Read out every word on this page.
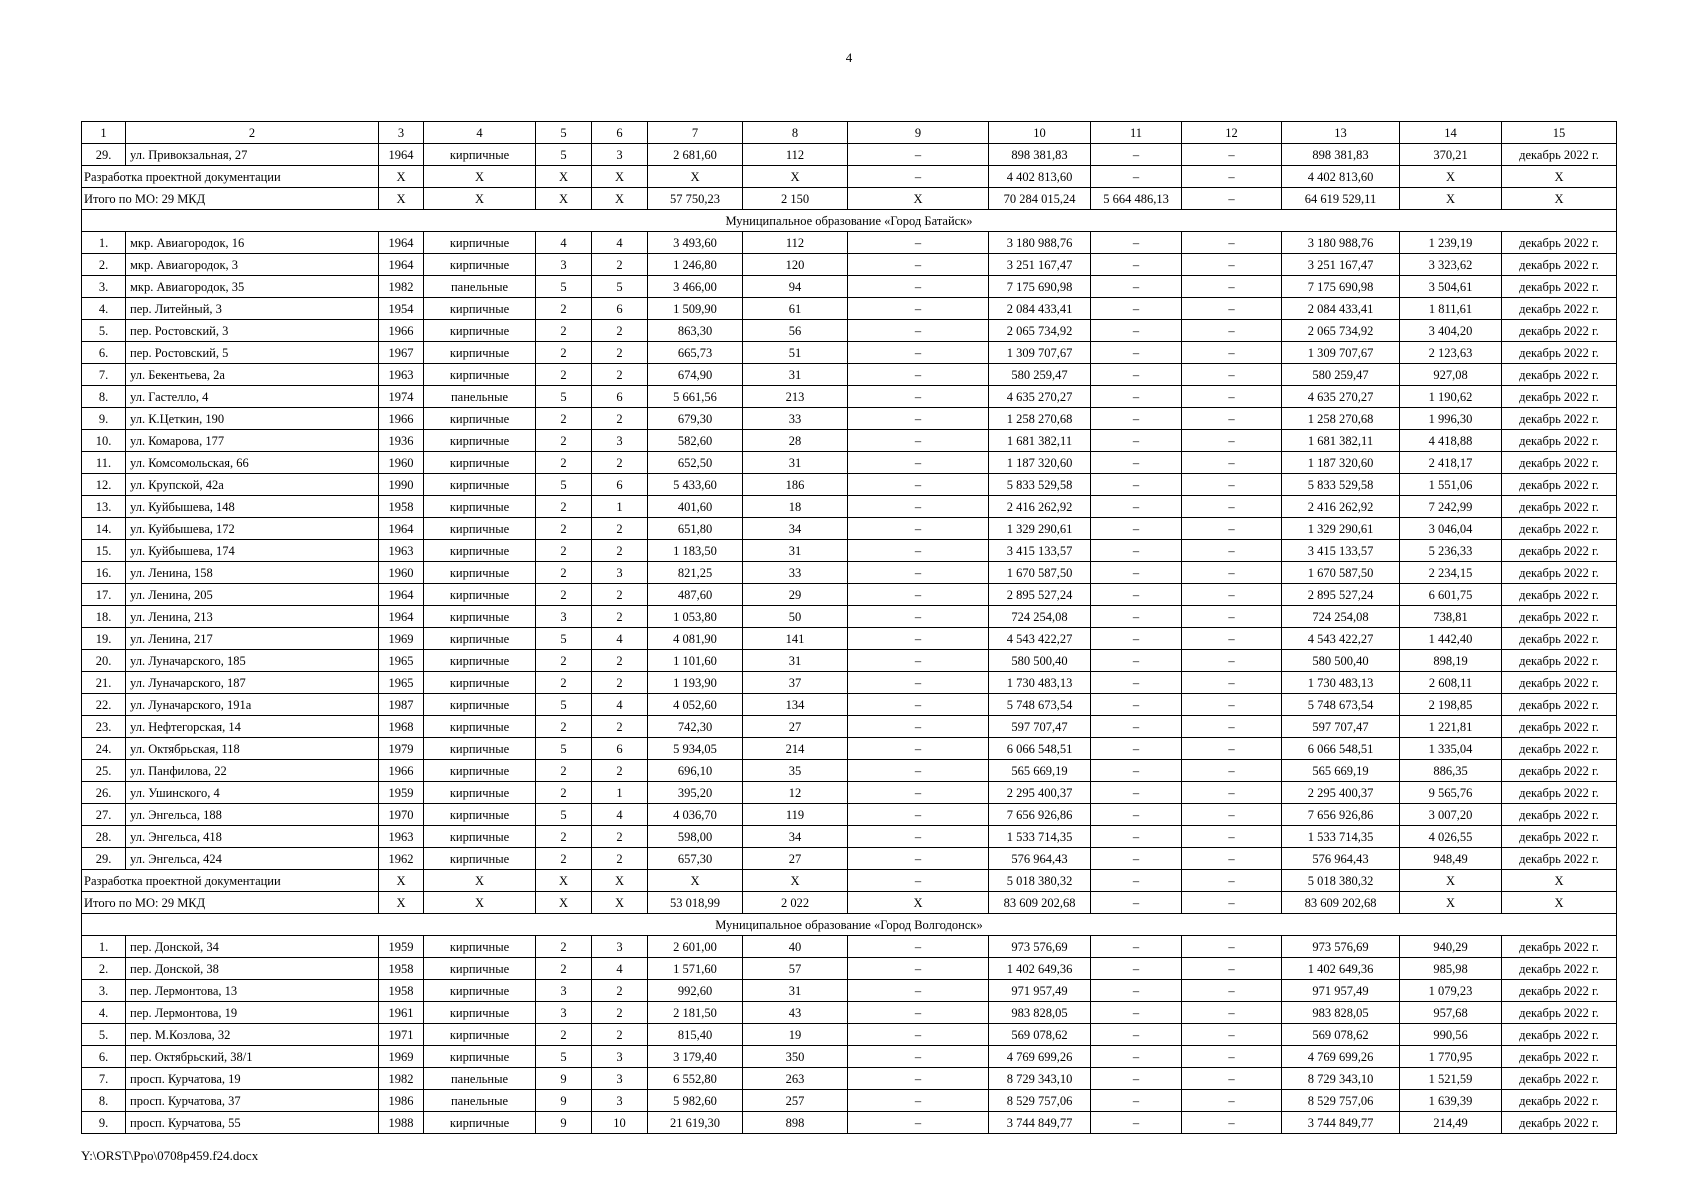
4
1	2	3	4	5	6	7	8	9	10	11	12	13	14	15
29.	ул. Привокзальная, 27	1964	кирпичные	5	3	2 681,60	112	–	898 381,83	–	–	898 381,83	370,21	декабрь 2022 г.
Разработка проектной документации		X	X	X	X	X	X	–	4 402 813,60	–	–	4 402 813,60	X	X
Итого по МО: 29 МКД		X	X	X	X	57 750,23	2 150	X	70 284 015,24	5 664 486,13	–	64 619 529,11	X	X
Муниципальное образование «Город Батайск»														
1.	мкр. Авиагородок, 16	1964	кирпичные	4	4	3 493,60	112	–	3 180 988,76	–	–	3 180 988,76	1 239,19	декабрь 2022 г.
2.	мкр. Авиагородок, 3	1964	кирпичные	3	2	1 246,80	120	–	3 251 167,47	–	–	3 251 167,47	3 323,62	декабрь 2022 г.
3.	мкр. Авиагородок, 35	1982	панельные	5	5	3 466,00	94	–	7 175 690,98	–	–	7 175 690,98	3 504,61	декабрь 2022 г.
4.	пер. Литейный, 3	1954	кирпичные	2	6	1 509,90	61	–	2 084 433,41	–	–	2 084 433,41	1 811,61	декабрь 2022 г.
5.	пер. Ростовский, 3	1966	кирпичные	2	2	863,30	56	–	2 065 734,92	–	–	2 065 734,92	3 404,20	декабрь 2022 г.
6.	пер. Ростовский, 5	1967	кирпичные	2	2	665,73	51	–	1 309 707,67	–	–	1 309 707,67	2 123,63	декабрь 2022 г.
7.	ул. Бекентьева, 2а	1963	кирпичные	2	2	674,90	31	–	580 259,47	–	–	580 259,47	927,08	декабрь 2022 г.
8.	ул. Гастелло, 4	1974	панельные	5	6	5 661,56	213	–	4 635 270,27	–	–	4 635 270,27	1 190,62	декабрь 2022 г.
9.	ул. К.Цеткин, 190	1966	кирпичные	2	2	679,30	33	–	1 258 270,68	–	–	1 258 270,68	1 996,30	декабрь 2022 г.
10.	ул. Комарова, 177	1936	кирпичные	2	3	582,60	28	–	1 681 382,11	–	–	1 681 382,11	4 418,88	декабрь 2022 г.
11.	ул. Комсомольская, 66	1960	кирпичные	2	2	652,50	31	–	1 187 320,60	–	–	1 187 320,60	2 418,17	декабрь 2022 г.
12.	ул. Крупской, 42а	1990	кирпичные	5	6	5 433,60	186	–	5 833 529,58	–	–	5 833 529,58	1 551,06	декабрь 2022 г.
13.	ул. Куйбышева, 148	1958	кирпичные	2	1	401,60	18	–	2 416 262,92	–	–	2 416 262,92	7 242,99	декабрь 2022 г.
14.	ул. Куйбышева, 172	1964	кирпичные	2	2	651,80	34	–	1 329 290,61	–	–	1 329 290,61	3 046,04	декабрь 2022 г.
15.	ул. Куйбышева, 174	1963	кирпичные	2	2	1 183,50	31	–	3 415 133,57	–	–	3 415 133,57	5 236,33	декабрь 2022 г.
16.	ул. Ленина, 158	1960	кирпичные	2	3	821,25	33	–	1 670 587,50	–	–	1 670 587,50	2 234,15	декабрь 2022 г.
17.	ул. Ленина, 205	1964	кирпичные	2	2	487,60	29	–	2 895 527,24	–	–	2 895 527,24	6 601,75	декабрь 2022 г.
18.	ул. Ленина, 213	1964	кирпичные	3	2	1 053,80	50	–	724 254,08	–	–	724 254,08	738,81	декабрь 2022 г.
19.	ул. Ленина, 217	1969	кирпичные	5	4	4 081,90	141	–	4 543 422,27	–	–	4 543 422,27	1 442,40	декабрь 2022 г.
20.	ул. Луначарского, 185	1965	кирпичные	2	2	1 101,60	31	–	580 500,40	–	–	580 500,40	898,19	декабрь 2022 г.
21.	ул. Луначарского, 187	1965	кирпичные	2	2	1 193,90	37	–	1 730 483,13	–	–	1 730 483,13	2 608,11	декабрь 2022 г.
22.	ул. Луначарского, 191а	1987	кирпичные	5	4	4 052,60	134	–	5 748 673,54	–	–	5 748 673,54	2 198,85	декабрь 2022 г.
23.	ул. Нефтегорская, 14	1968	кирпичные	2	2	742,30	27	–	597 707,47	–	–	597 707,47	1 221,81	декабрь 2022 г.
24.	ул. Октябрьская, 118	1979	кирпичные	5	6	5 934,05	214	–	6 066 548,51	–	–	6 066 548,51	1 335,04	декабрь 2022 г.
25.	ул. Панфилова, 22	1966	кирпичные	2	2	696,10	35	–	565 669,19	–	–	565 669,19	886,35	декабрь 2022 г.
26.	ул. Ушинского, 4	1959	кирпичные	2	1	395,20	12	–	2 295 400,37	–	–	2 295 400,37	9 565,76	декабрь 2022 г.
27.	ул. Энгельса, 188	1970	кирпичные	5	4	4 036,70	119	–	7 656 926,86	–	–	7 656 926,86	3 007,20	декабрь 2022 г.
28.	ул. Энгельса, 418	1963	кирпичные	2	2	598,00	34	–	1 533 714,35	–	–	1 533 714,35	4 026,55	декабрь 2022 г.
29.	ул. Энгельса, 424	1962	кирпичные	2	2	657,30	27	–	576 964,43	–	–	576 964,43	948,49	декабрь 2022 г.
Разработка проектной документации		X	X	X	X	X	X	–	5 018 380,32	–	–	5 018 380,32	X	X
Итого по МО: 29 МКД		X	X	X	X	53 018,99	2 022	X	83 609 202,68	–	–	83 609 202,68	X	X
Муниципальное образование «Город Волгодонск»														
1.	пер. Донской, 34	1959	кирпичные	2	3	2 601,00	40	–	973 576,69	–	–	973 576,69	940,29	декабрь 2022 г.
2.	пер. Донской, 38	1958	кирпичные	2	4	1 571,60	57	–	1 402 649,36	–	–	1 402 649,36	985,98	декабрь 2022 г.
3.	пер. Лермонтова, 13	1958	кирпичные	3	2	992,60	31	–	971 957,49	–	–	971 957,49	1 079,23	декабрь 2022 г.
4.	пер. Лермонтова, 19	1961	кирпичные	3	2	2 181,50	43	–	983 828,05	–	–	983 828,05	957,68	декабрь 2022 г.
5.	пер. М.Козлова, 32	1971	кирпичные	2	2	815,40	19	–	569 078,62	–	–	569 078,62	990,56	декабрь 2022 г.
6.	пер. Октябрьский, 38/1	1969	кирпичные	5	3	3 179,40	350	–	4 769 699,26	–	–	4 769 699,26	1 770,95	декабрь 2022 г.
7.	просп. Курчатова, 19	1982	панельные	9	3	6 552,80	263	–	8 729 343,10	–	–	8 729 343,10	1 521,59	декабрь 2022 г.
8.	просп. Курчатова, 37	1986	панельные	9	3	5 982,60	257	–	8 529 757,06	–	–	8 529 757,06	1 639,39	декабрь 2022 г.
9.	просп. Курчатова, 55	1988	кирпичные	9	10	21 619,30	898	–	3 744 849,77	–	–	3 744 849,77	214,49	декабрь 2022 г.
Y:\ORST\Ppo\0708p459.f24.docx
